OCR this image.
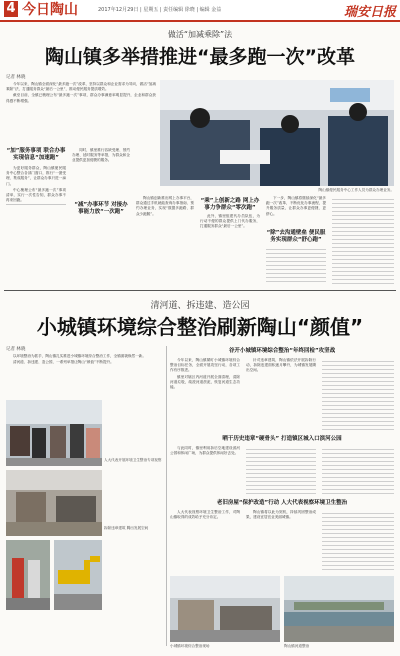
4 今日陶山	2017年12月29日 | 星期五 | 责任编辑 徐晓 | 编辑 金益	瑞安日报
做活“加减乘除”法
陶山镇多举措推进“最多跑一次”改革
记者 林晓

今年以来，陶山镇全面深化“最多跑一次”改革，坚持以群众和企业需求为导向，做活“加减乘除”法，打通服务群众“最后一公里”，推动便民服务提质增效。

截至目前，全镇已梳理公布“最多跑一次”事项，群众办事满意率明显提升，企业和群众获得感不断增强。

陶山镇便民服务中心工作人员为群众办理业务。
“加”服务事项 联合办事实现信息“加速跑”

为更好服务群众，陶山镇便民服务中心整合各部门窗口，推行“一窗受理、集成服务”，让群众办事只进一扇门。

中心梳理公布“最多跑一次”事项清单，实行一次性告知，群众办事不再来回跑。

同时，镇里推行容缺受理、预约办理、延时服务等举措，为群众和企业提供更加便捷的服务。

“减”办事环节 对接办事能力放“一次跑”

陶山镇创新推出网上办事平台，群众通过手机就能查询办事指南、预约办理业务，实现“数据多跑路、群众少跑腿”。

“乘”上创新之路 网上办事力争群众“零次跑”

此外，镇里组建代办员队伍，为行动不便的群众提供上门代办服务，打通服务群众“最后一公里”。

“除”去沟通壁垒 便民服务实现群众“舒心跑”

下一步，陶山镇将继续深化“最多跑一次”改革，不断优化办事流程，提升服务质量，让群众办事更便捷、更舒心。

清河道、拆违建、造公园
小城镇环境综合整治刷新陶山“颜值”
记者 林晓

以环境整治为抓手，陶山镇扎实推进小城镇环境综合整治工作，全镇面貌焕然一新。

清河道、拆违建、造公园，一系列举措让陶山“颜值”不断提升。

人大代表开展环境卫生整治专项视察
拆除违章建筑 腾出发展空间
谷开小城镇环境综合整治“年终回检”攻坚战

今年以来，陶山镇紧盯小城镇环境综合整治目标任务，全面开展攻坚行动，各项工作有序推进。

镇里对辖区内河道开展全面清理，清除河道垃圾，疏浚河道淤泥，恢复河道生态功能。

针对违章建筑，陶山镇依法开展拆除行动，拆除违建面积逐月攀升，为城镇发展腾出空间。

晒干历史违章“硬骨头” 打造镇区城入口滨河公园

与此同时，镇里利用拆后空地建设滨河公园和休闲广场，为群众提供休闲好去处。

老旧房屋“保护改造”行动 人大代表视察环境卫生整治

人大代表视察环境卫生整治工作，对陶山镇取得的成效给予充分肯定。

陶山镇将以此为契机，持续巩固整治成果，建设宜居宜业美丽城镇。

小城镇环境综合整治现场	陶山镇河道整治
